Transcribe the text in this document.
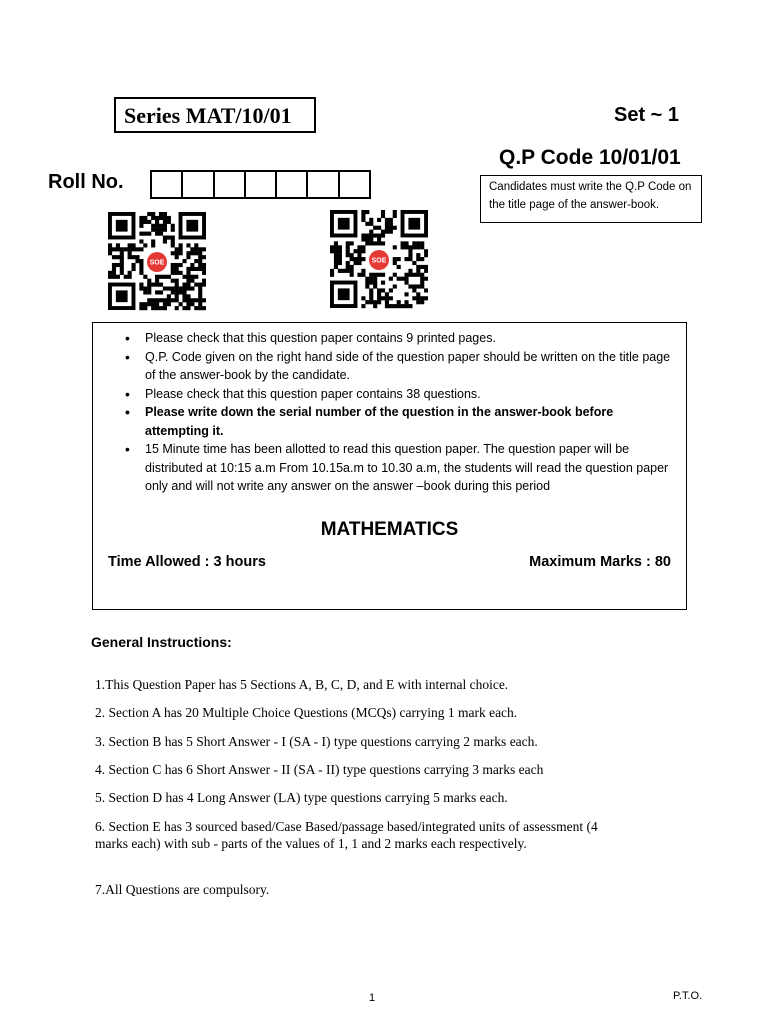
Series MAT/10/01	Set ~ 1
Q.P Code 10/01/01
Roll No.	Candidates must write the Q.P Code on the title page of the answer-book.
SOE	SOE
• Please check that this question paper contains 9 printed pages.
• Q.P. Code given on the right hand side of the question paper should be written on the title page of the answer-book by the candidate.
• Please check that this question paper contains 38 questions.
• Please write down the serial number of the question in the answer-book before attempting it.
• 15 Minute time has been allotted to read this question paper. The question paper will be distributed at 10:15 a.m From 10.15a.m to 10.30 a.m, the students will read the question paper only and will not write any answer on the answer –book during this period
MATHEMATICS
Time Allowed : 3 hours	Maximum Marks : 80
General Instructions:
1.This Question Paper has 5 Sections A, B, C, D, and E with internal choice.
2. Section A has 20 Multiple Choice Questions (MCQs) carrying 1 mark each.
3. Section B has 5 Short Answer - I (SA - I) type questions carrying 2 marks each.
4. Section C has 6 Short Answer - II (SA - II) type questions carrying 3 marks each
5. Section D has 4 Long Answer (LA) type questions carrying 5 marks each.
6. Section E has 3 sourced based/Case Based/passage based/integrated units of assessment (4 marks each) with sub - parts of the values of 1, 1 and 2 marks each respectively.
7.All Questions are compulsory.
1	P.T.O.
